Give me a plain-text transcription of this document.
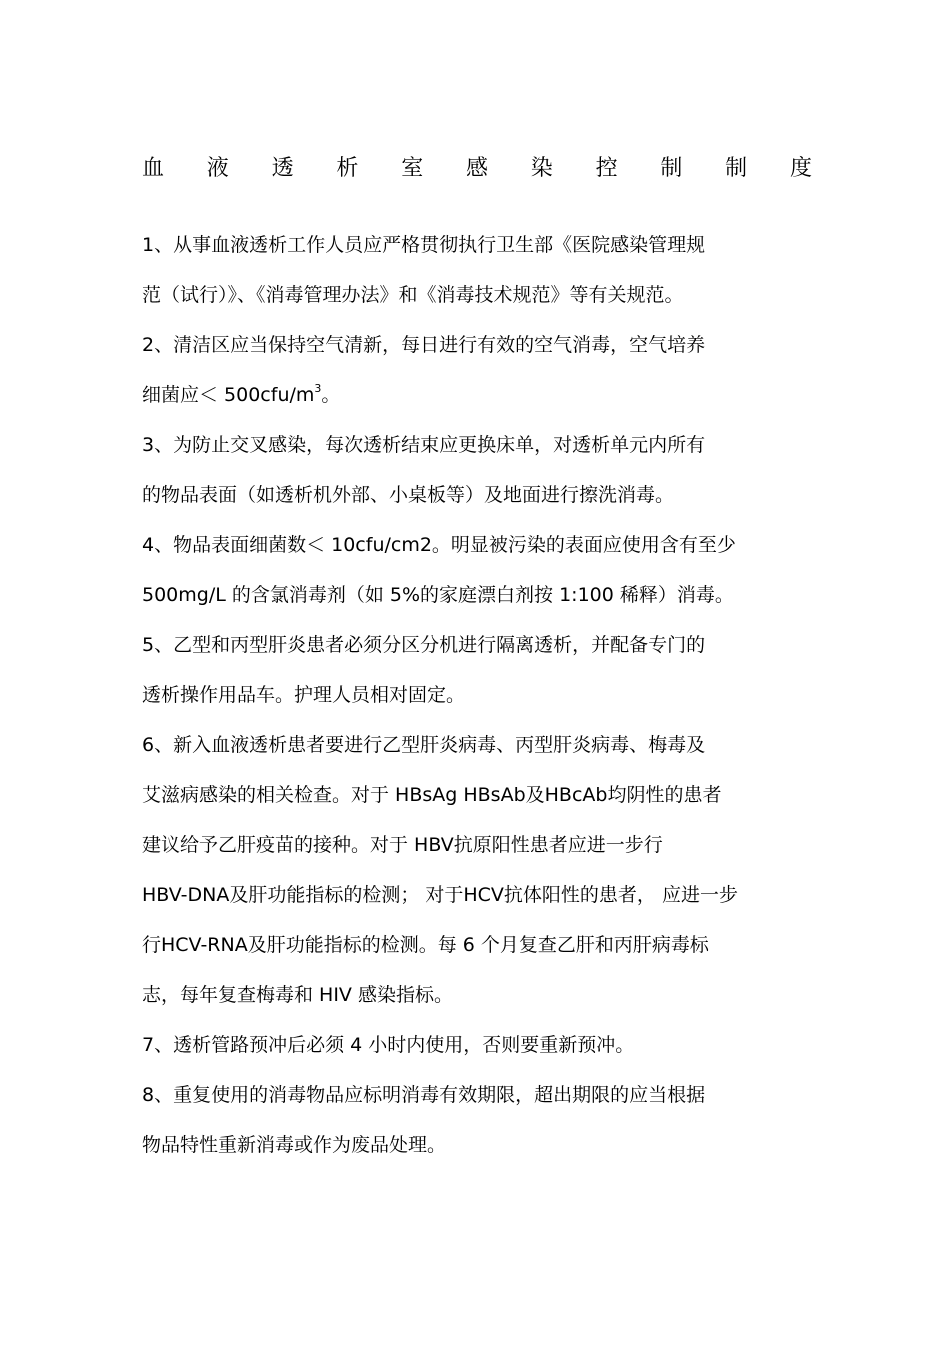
血 液 透 析 室 感 染 控 制 制 度
1、从事血液透析工作人员应严格贯彻执行卫生部《医院感染管理规
范（试行）》、《消毒管理办法》和《消毒技术规范》等有关规范。
2、清洁区应当保持空气清新，每日进行有效的空气消毒，空气培养
细菌应＜ $500cfu/m^3$。
3、为防止交叉感染，每次透析结束应更换床单，对透析单元内所有
的物品表面（如透析机外部、小桌板等）及地面进行擦洗消毒。
4、物品表面细菌数＜ 10cfu/cm2。明显被污染的表面应使用含有至少
500mg/L 的含氯消毒剂（如 5%的家庭漂白剂按 1:100 稀释）消毒。
5、乙型和丙型肝炎患者必须分区分机进行隔离透析，并配备专门的
透析操作用品车。护理人员相对固定。
6、新入血液透析患者要进行乙型肝炎病毒、丙型肝炎病毒、梅毒及
艾滋病感染的相关检查。对于 HBsAg HBsAb及HBcAb均阴性的患者
建议给予乙肝疫苗的接种。对于 HBV抗原阳性患者应进一步行
HBV-DNA及肝功能指标的检测； 对于HCV抗体阳性的患者， 应进一步
行HCV-RNA及肝功能指标的检测。每 6 个月复查乙肝和丙肝病毒标
志，每年复查梅毒和 HIV 感染指标。
7、透析管路预冲后必须 4 小时内使用，否则要重新预冲。
8、重复使用的消毒物品应标明消毒有效期限，超出期限的应当根据
物品特性重新消毒或作为废品处理。
